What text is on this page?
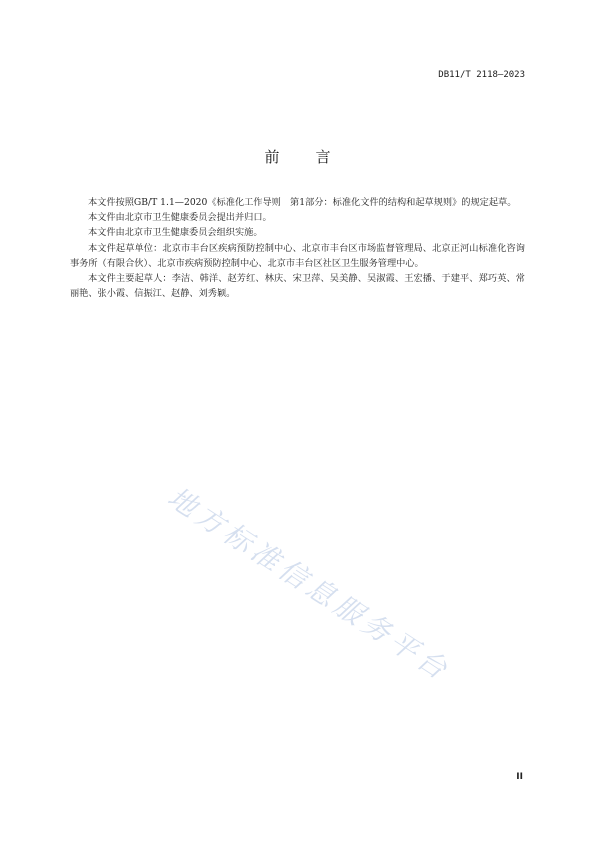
DB11/T 2118—2023
前言

本文件按照GB/T 1.1—2020《标准化工作导则　第1部分：标准化文件的结构和起草规则》的规定起草。

本文件由北京市卫生健康委员会提出并归口。

本文件由北京市卫生健康委员会组织实施。

本文件起草单位：北京市丰台区疾病预防控制中心、北京市丰台区市场监督管理局、北京正河山标准化咨询事务所（有限合伙）、北京市疾病预防控制中心、北京市丰台区社区卫生服务管理中心。

本文件主要起草人：李洁、韩洋、赵芳红、林庆、宋卫萍、吴美静、吴淑霞、王宏播、于建平、郑巧英、常丽艳、张小霞、信振江、赵静、刘秀颖。

地方标准信息服务平台
II
